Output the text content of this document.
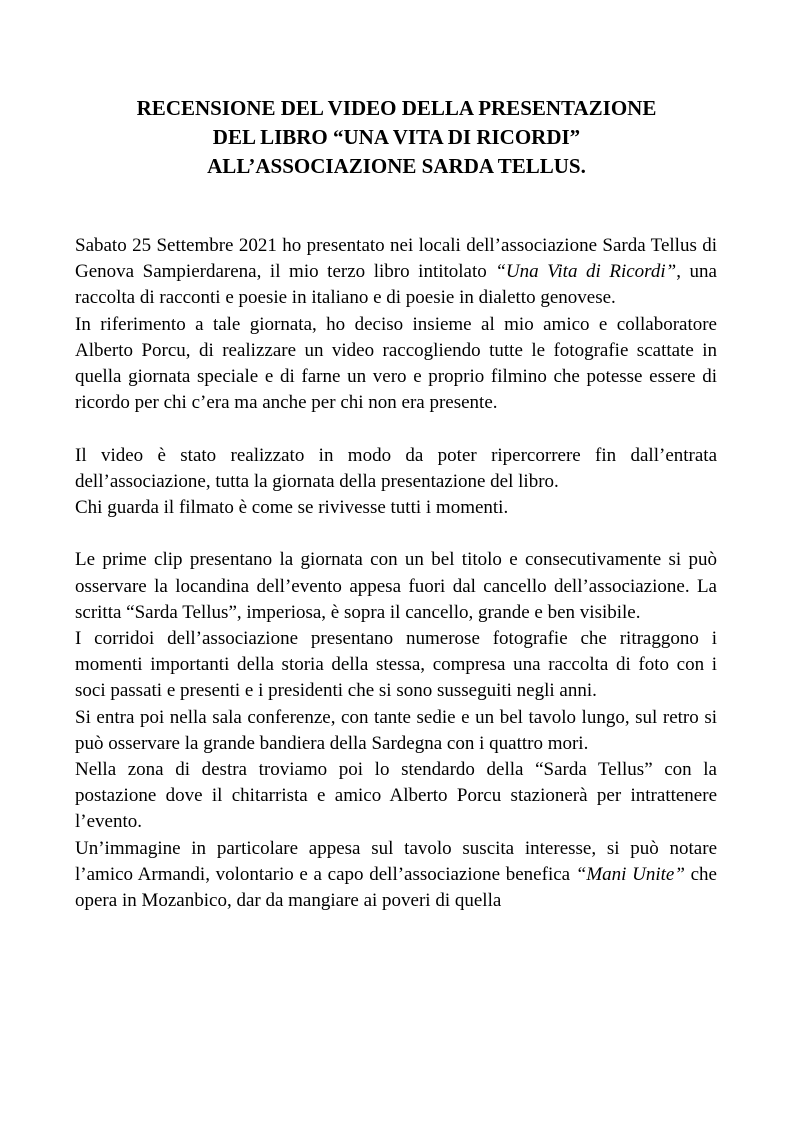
RECENSIONE DEL VIDEO DELLA PRESENTAZIONE
DEL LIBRO “UNA VITA DI RICORDI”
ALL’ASSOCIAZIONE SARDA TELLUS.

Sabato 25 Settembre 2021 ho presentato nei locali dell’associazione Sarda Tellus di Genova Sampierdarena, il mio terzo libro intitolato “Una Vita di Ricordi”, una raccolta di racconti e poesie in italiano e di poesie in dialetto genovese.

In riferimento a tale giornata, ho deciso insieme al mio amico e collaboratore Alberto Porcu, di realizzare un video raccogliendo tutte le fotografie scattate in quella giornata speciale e di farne un vero e proprio filmino che potesse essere di ricordo per chi c’era ma anche per chi non era presente.

Il video è stato realizzato in modo da poter ripercorrere fin dall’entrata dell’associazione, tutta la giornata della presentazione del libro.

Chi guarda il filmato è come se rivivesse tutti i momenti.

Le prime clip presentano la giornata con un bel titolo e consecutivamente si può osservare la locandina dell’evento appesa fuori dal cancello dell’associazione. La scritta “Sarda Tellus”, imperiosa, è sopra il cancello, grande e ben visibile.

I corridoi dell’associazione presentano numerose fotografie che ritraggono i momenti importanti della storia della stessa, compresa una raccolta di foto con i soci passati e presenti e i presidenti che si sono susseguiti negli anni.

Si entra poi nella sala conferenze, con tante sedie e un bel tavolo lungo, sul retro si può osservare la grande bandiera della Sardegna con i quattro mori.

Nella zona di destra troviamo poi lo stendardo della “Sarda Tellus” con la postazione dove il chitarrista e amico Alberto Porcu stazionerà per intrattenere l’evento.

Un’immagine in particolare appesa sul tavolo suscita interesse, si può notare l’amico Armandi, volontario e a capo dell’associazione benefica “Mani Unite” che opera in Mozanbico, dar da mangiare ai poveri di quella
